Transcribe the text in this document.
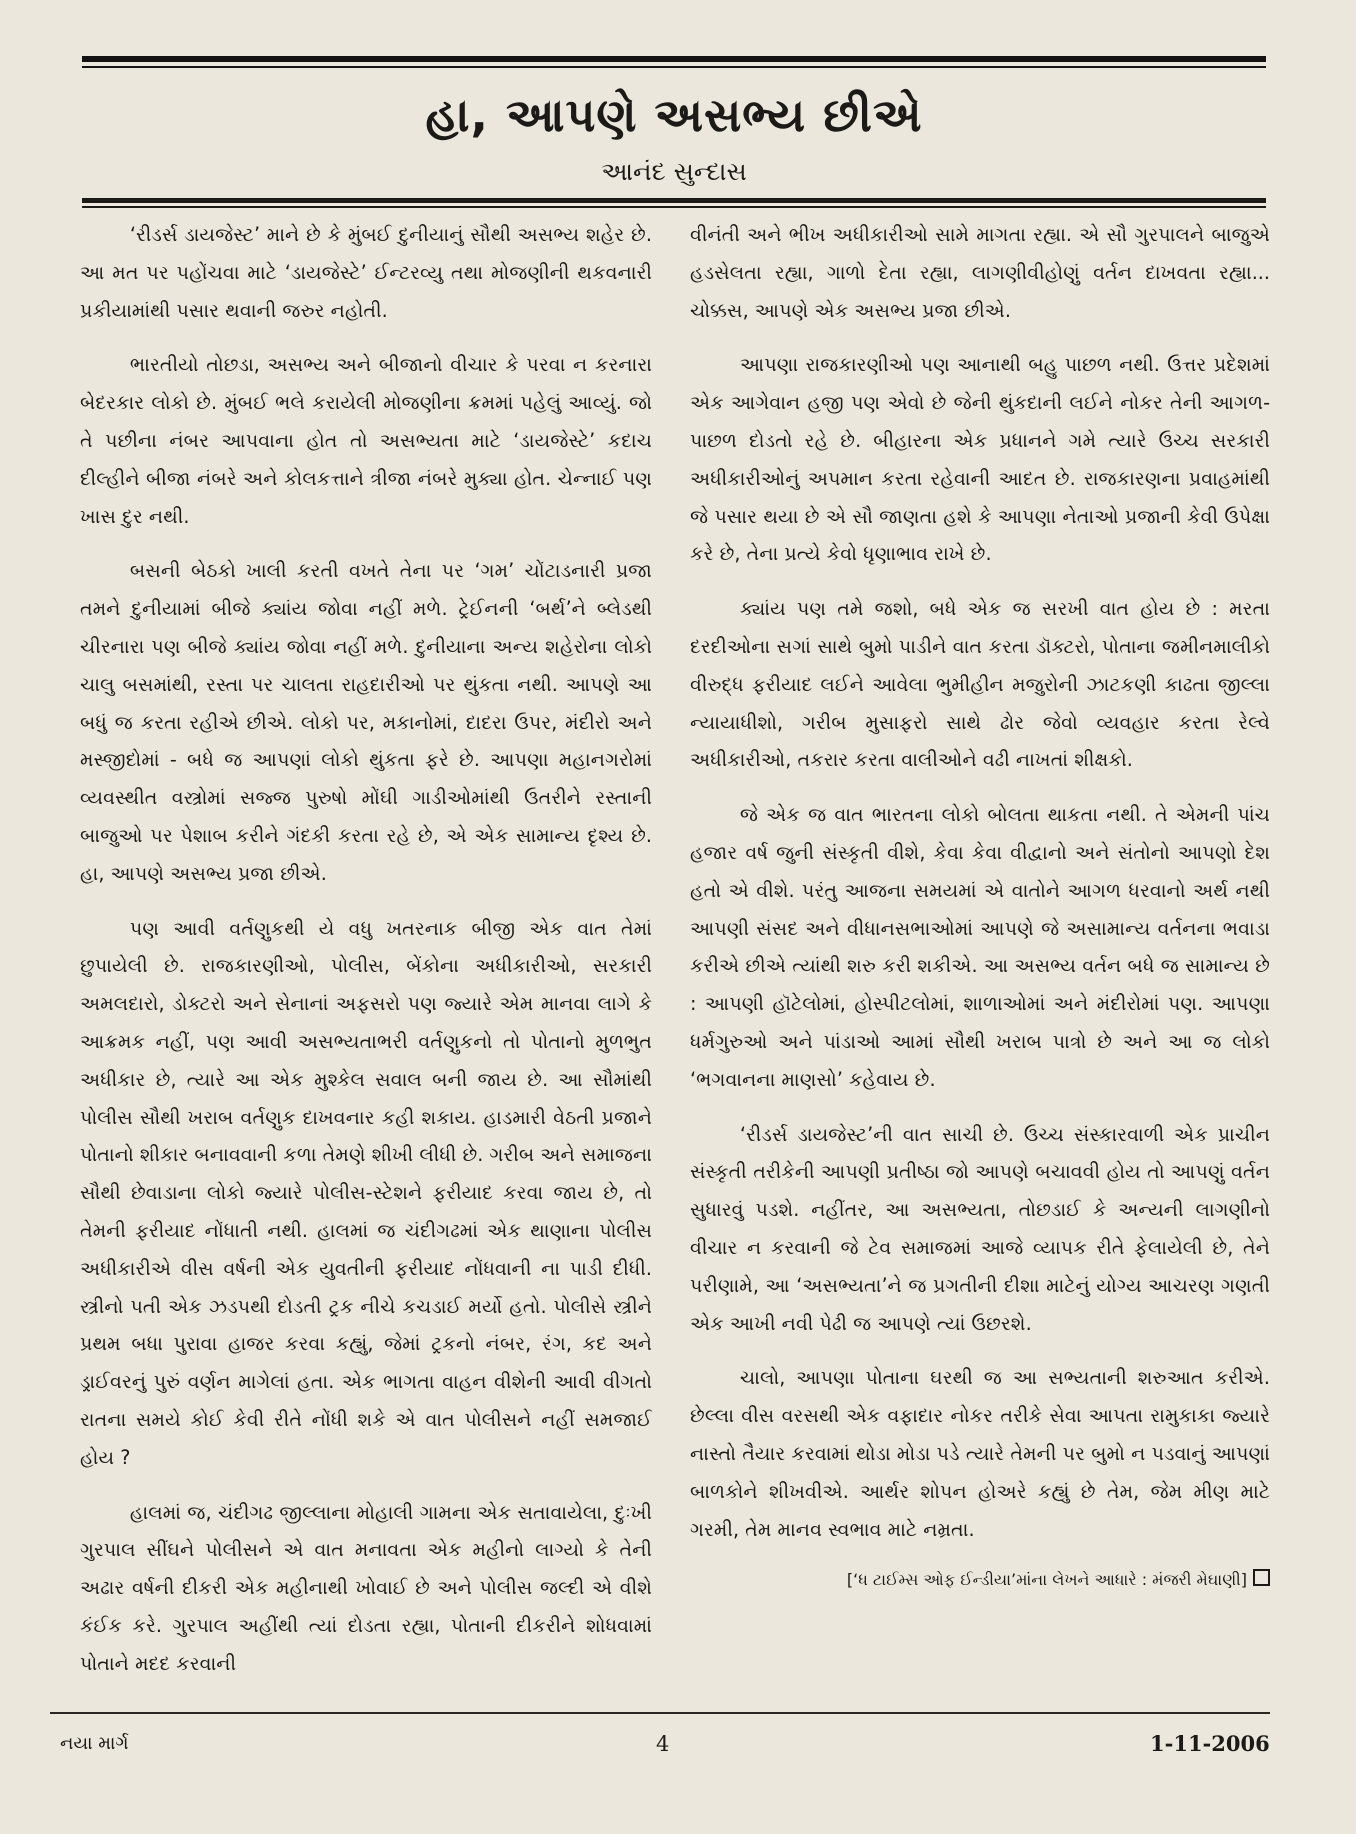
હા, આપણે અસભ્ય છીએ
આનંદ સુન્દાસ

‘રીડર્સ ડાયજેસ્ટ’ માને છે કે મુંબઈ દુનીયાનું સૌથી અસભ્ય શહેર છે. આ મત પર પહોંચવા માટે ‘ડાયજેસ્ટે’ ઈન્ટરવ્યુ તથા મોજણીની થકવનારી પ્રકીયામાંથી પસાર થવાની જરુર નહોતી.

ભારતીયો તોછડા, અસભ્ય અને બીજાનો વીચાર કે પરવા ન કરનારા બેદરકાર લોકો છે. મુંબઈ ભલે કરાયેલી મોજણીના ક્રમમાં પહેલું આવ્યું. જો તે પછીના નંબર આપવાના હોત તો અસભ્યતા માટે ‘ડાયજેસ્ટે’ કદાચ દીલ્હીને બીજા નંબરે અને કોલકત્તાને ત્રીજા નંબરે મુક્યા હોત. ચેન્નાઈ પણ ખાસ દુર નથી.

બસની બેઠકો ખાલી કરતી વખતે તેના પર ‘ગમ’ ચોંટાડનારી પ્રજા તમને દુનીયામાં બીજે ક્યાંય જોવા નહીં મળે. ટ્રેઈનની ‘બર્થ’ને બ્લેડથી ચીરનારા પણ બીજે ક્યાંય જોવા નહીં મળે. દુનીયાના અન્ય શહેરોના લોકો ચાલુ બસમાંથી, રસ્તા પર ચાલતા રાહદારીઓ પર થુંકતા નથી. આપણે આ બધું જ કરતા રહીએ છીએ. લોકો પર, મકાનોમાં, દાદરા ઉપર, મંદીરો અને મસ્જીદોમાં - બધે જ આપણાં લોકો થુંકતા ફરે છે. આપણા મહાનગરોમાં વ્યવસ્થીત વસ્ત્રોમાં સજ્જ પુરુષો મોંઘી ગાડીઓમાંથી ઉતરીને રસ્તાની બાજુઓ પર પેશાબ કરીને ગંદકી કરતા રહે છે, એ એક સામાન્ય દૃશ્ય છે. હા, આપણે અસભ્ય પ્રજા છીએ.

પણ આવી વર્તણુકથી યે વધુ ખતરનાક બીજી એક વાત તેમાં છુપાયેલી છે. રાજકારણીઓ, પોલીસ, બેંકોના અધીકારીઓ, સરકારી અમલદારો, ડોક્ટરો અને સેનાનાં અફસરો પણ જ્યારે એમ માનવા લાગે કે આક્રમક નહીં, પણ આવી અસભ્યતાભરી વર્તણુકનો તો પોતાનો મુળભુત અધીકાર છે, ત્યારે આ એક મુશ્કેલ સવાલ બની જાય છે. આ સૌમાંથી પોલીસ સૌથી ખરાબ વર્તણુક દાખવનાર કહી શકાય. હાડમારી વેઠતી પ્રજાને પોતાનો શીકાર બનાવવાની કળા તેમણે શીખી લીધી છે. ગરીબ અને સમાજના સૌથી છેવાડાના લોકો જ્યારે પોલીસ-સ્ટેશને ફરીયાદ કરવા જાય છે, તો તેમની ફરીયાદ નોંધાતી નથી. હાલમાં જ ચંદીગઢમાં એક થાણાના પોલીસ અધીકારીએ વીસ વર્ષની એક યુવતીની ફરીયાદ નોંધવાની ના પાડી દીધી. સ્ત્રીનો પતી એક ઝડપથી દોડતી ટ્રક નીચે કચડાઈ મર્યો હતો. પોલીસે સ્ત્રીને પ્રથમ બધા પુરાવા હાજર કરવા કહ્યું, જેમાં ટ્રકનો નંબર, રંગ, કદ અને ડ્રાઈવરનું પુરું વર્ણન માગેલાં હતા. એક ભાગતા વાહન વીશેની આવી વીગતો રાતના સમયે કોઈ કેવી રીતે નોંધી શકે એ વાત પોલીસને નહીં સમજાઈ હોય ?

હાલમાં જ, ચંદીગઢ જીલ્લાના મોહાલી ગામના એક સતાવાયેલા, દુઃખી ગુરપાલ સીંઘને પોલીસને એ વાત મનાવતા એક મહીનો લાગ્યો કે તેની અઢાર વર્ષની દીકરી એક મહીનાથી ખોવાઈ છે અને પોલીસ જલ્દી એ વીશે કંઈક કરે. ગુરપાલ અહીંથી ત્યાં દોડતા રહ્યા, પોતાની દીકરીને શોધવામાં પોતાને મદદ કરવાની

વીનંતી અને ભીખ અધીકારીઓ સામે માગતા રહ્યા. એ સૌ ગુરપાલને બાજુએ હડસેલતા રહ્યા, ગાળો દેતા રહ્યા, લાગણીવીહોણું વર્તન દાખવતા રહ્યા... ચોક્કસ, આપણે એક અસભ્ય પ્રજા છીએ.

આપણા રાજકારણીઓ પણ આનાથી બહુ પાછળ નથી. ઉત્તર પ્રદેશમાં એક આગેવાન હજી પણ એવો છે જેની થુંકદાની લઈને નોકર તેની આગળ-પાછળ દોડતો રહે છે. બીહારના એક પ્રધાનને ગમે ત્યારે ઉચ્ચ સરકારી અધીકારીઓનું અપમાન કરતા રહેવાની આદત છે. રાજકારણના પ્રવાહમાંથી જે પસાર થયા છે એ સૌ જાણતા હશે કે આપણા નેતાઓ પ્રજાની કેવી ઉપેક્ષા કરે છે, તેના પ્રત્યે કેવો ધૃણાભાવ રાખે છે.

ક્યાંય પણ તમે જશો, બધે એક જ સરખી વાત હોય છે : મરતા દરદીઓના સગાં સાથે બુમો પાડીને વાત કરતા ડૉક્ટરો, પોતાના જમીનમાલીકો વીરુદ્ધ ફરીયાદ લઈને આવેલા ભુમીહીન મજુરોની ઝાટકણી કાઢતા જીલ્લા ન્યાયાધીશો, ગરીબ મુસાફરો સાથે ઢોર જેવો વ્યવહાર કરતા રેલ્વે અધીકારીઓ, તકરાર કરતા વાલીઓને વઢી નાખતાં શીક્ષકો.

જે એક જ વાત ભારતના લોકો બોલતા થાકતા નથી. તે એમની પાંચ હજાર વર્ષ જુની સંસ્કૃતી વીશે, કેવા કેવા વીદ્વાનો અને સંતોનો આપણો દેશ હતો એ વીશે. પરંતુ આજના સમયમાં એ વાતોને આગળ ધરવાનો અર્થ નથી આપણી સંસદ અને વીધાનસભાઓમાં આપણે જે અસામાન્ય વર્તનના ભવાડા કરીએ છીએ ત્યાંથી શરુ કરી શકીએ. આ અસભ્ય વર્તન બધે જ સામાન્ય છે : આપણી હૉટેલોમાં, હોસ્પીટલોમાં, શાળાઓમાં અને મંદીરોમાં પણ. આપણા ધર્મગુરુઓ અને પાંડાઓ આમાં સૌથી ખરાબ પાત્રો છે અને આ જ લોકો ‘ભગવાનના માણસો’ કહેવાય છે.

‘રીડર્સ ડાયજેસ્ટ’ની વાત સાચી છે. ઉચ્ચ સંસ્કારવાળી એક પ્રાચીન સંસ્કૃતી તરીકેની આપણી પ્રતીષ્ઠા જો આપણે બચાવવી હોય તો આપણું વર્તન સુધારવું પડશે. નહીંતર, આ અસભ્યતા, તોછડાઈ કે અન્યની લાગણીનો વીચાર ન કરવાની જે ટેવ સમાજમાં આજે વ્યાપક રીતે ફેલાયેલી છે, તેને પરીણામે, આ ‘અસભ્યતા’ને જ પ્રગતીની દીશા માટેનું યોગ્ય આચરણ ગણતી એક આખી નવી પેઢી જ આપણે ત્યાં ઉછરશે.

ચાલો, આપણા પોતાના ઘરથી જ આ સભ્યતાની શરુઆત કરીએ. છેલ્લા વીસ વરસથી એક વફાદાર નોકર તરીકે સેવા આપતા રામુકાકા જ્યારે નાસ્તો તૈયાર કરવામાં થોડા મોડા પડે ત્યારે તેમની પર બુમો ન પડવાનું આપણાં બાળકોને શીખવીએ. આર્થર શોપન હોઅરે કહ્યું છે તેમ, જેમ મીણ માટે ગરમી, તેમ માનવ સ્વભાવ માટે નમ્રતા.

[‘ધ ટાઈમ્સ ઓફ ઈન્ડીયા’માંના લેખને આધારે : મંજરી મેઘાણી]

નયા માર્ગ	4	1-11-2006
